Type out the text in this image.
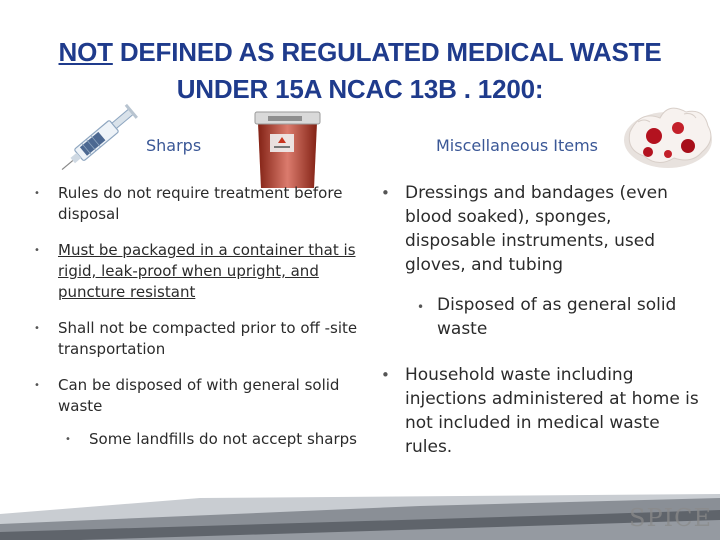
NOT DEFINED AS REGULATED MEDICAL WASTE
UNDER 15A NCAC 13B . 1200:
Sharps	Miscellaneous Items
• Rules do not require treatment before disposal
• Must be packaged in a container that is rigid, leak-proof when upright, and puncture resistant
• Shall not be compacted prior to off -site transportation
• Can be disposed of with general solid waste
• Some landfills do not accept sharps
• Dressings and bandages (even blood soaked), sponges, disposable instruments, used gloves, and tubing
• Disposed of as general solid waste
• Household waste including injections administered at home is not included in medical waste rules.
SPICE
